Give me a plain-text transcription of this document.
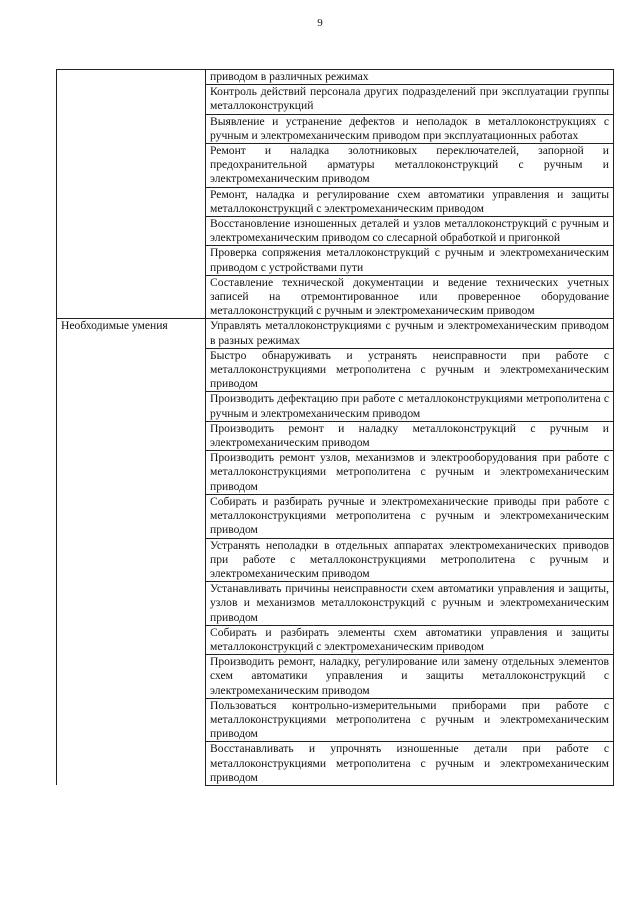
9
	приводом в различных режимах
	Контроль действий персонала других подразделений при эксплуатации группы металлоконструкций
	Выявление и устранение дефектов и неполадок в металлоконструкциях с ручным и электромеханическим приводом при эксплуатационных работах
	Ремонт и наладка золотниковых переключателей, запорной и предохранительной арматуры металлоконструкций с ручным и электромеханическим приводом
	Ремонт, наладка и регулирование схем автоматики управления и защиты металлоконструкций с электромеханическим приводом
	Восстановление изношенных деталей и узлов металлоконструкций с ручным и электромеханическим приводом со слесарной обработкой и пригонкой
	Проверка сопряжения металлоконструкций с ручным и электромеханическим приводом с устройствами пути
	Составление технической документации и ведение технических учетных записей на отремонтированное или проверенное оборудование металлоконструкций с ручным и электромеханическим приводом

Необходимые умения	Управлять металлоконструкциями с ручным и электромеханическим приводом в разных режимах
	Быстро обнаруживать и устранять неисправности при работе с металлоконструкциями метрополитена с ручным и электромеханическим приводом
	Производить дефектацию при работе с металлоконструкциями метрополитена с ручным и электромеханическим приводом
	Производить ремонт и наладку металлоконструкций с ручным и электромеханическим приводом
	Производить ремонт узлов, механизмов и электрооборудования при работе с металлоконструкциями метрополитена с ручным и электромеханическим приводом
	Собирать и разбирать ручные и электромеханические приводы при работе с металлоконструкциями метрополитена с ручным и электромеханическим приводом
	Устранять неполадки в отдельных аппаратах электромеханических приводов при работе с металлоконструкциями метрополитена с ручным и электромеханическим приводом
	Устанавливать причины неисправности схем автоматики управления и защиты, узлов и механизмов металлоконструкций с ручным и электромеханическим приводом
	Собирать и разбирать элементы схем автоматики управления и защиты металлоконструкций с электромеханическим приводом
	Производить ремонт, наладку, регулирование или замену отдельных элементов схем автоматики управления и защиты металлоконструкций с электромеханическим приводом
	Пользоваться контрольно-измерительными приборами при работе с металлоконструкциями метрополитена с ручным и электромеханическим приводом
	Восстанавливать и упрочнять изношенные детали при работе с металлоконструкциями метрополитена с ручным и электромеханическим приводом
